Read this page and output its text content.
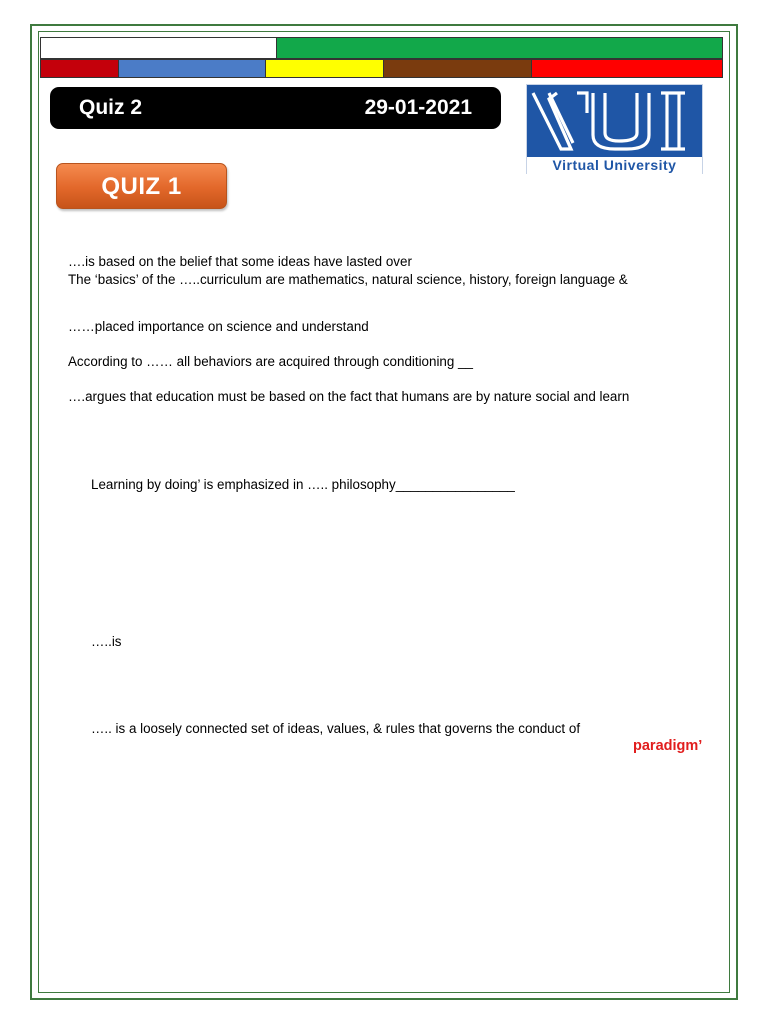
Quiz 2	29-01-2021
Virtual University
QUIZ 1
….is based on the belief that some ideas have lasted over
The ‘basics’ of the …..curriculum are mathematics, natural science, history, foreign language &
……placed importance on science and understand
According to …… all behaviors are acquired through conditioning __
….argues that education must be based on the fact that humans are by nature social and learn
Learning by doing’ is emphasized in ….. philosophy________________
…..is
….. is a loosely connected set of ideas, values, & rules that governs the conduct of
paradigm’
